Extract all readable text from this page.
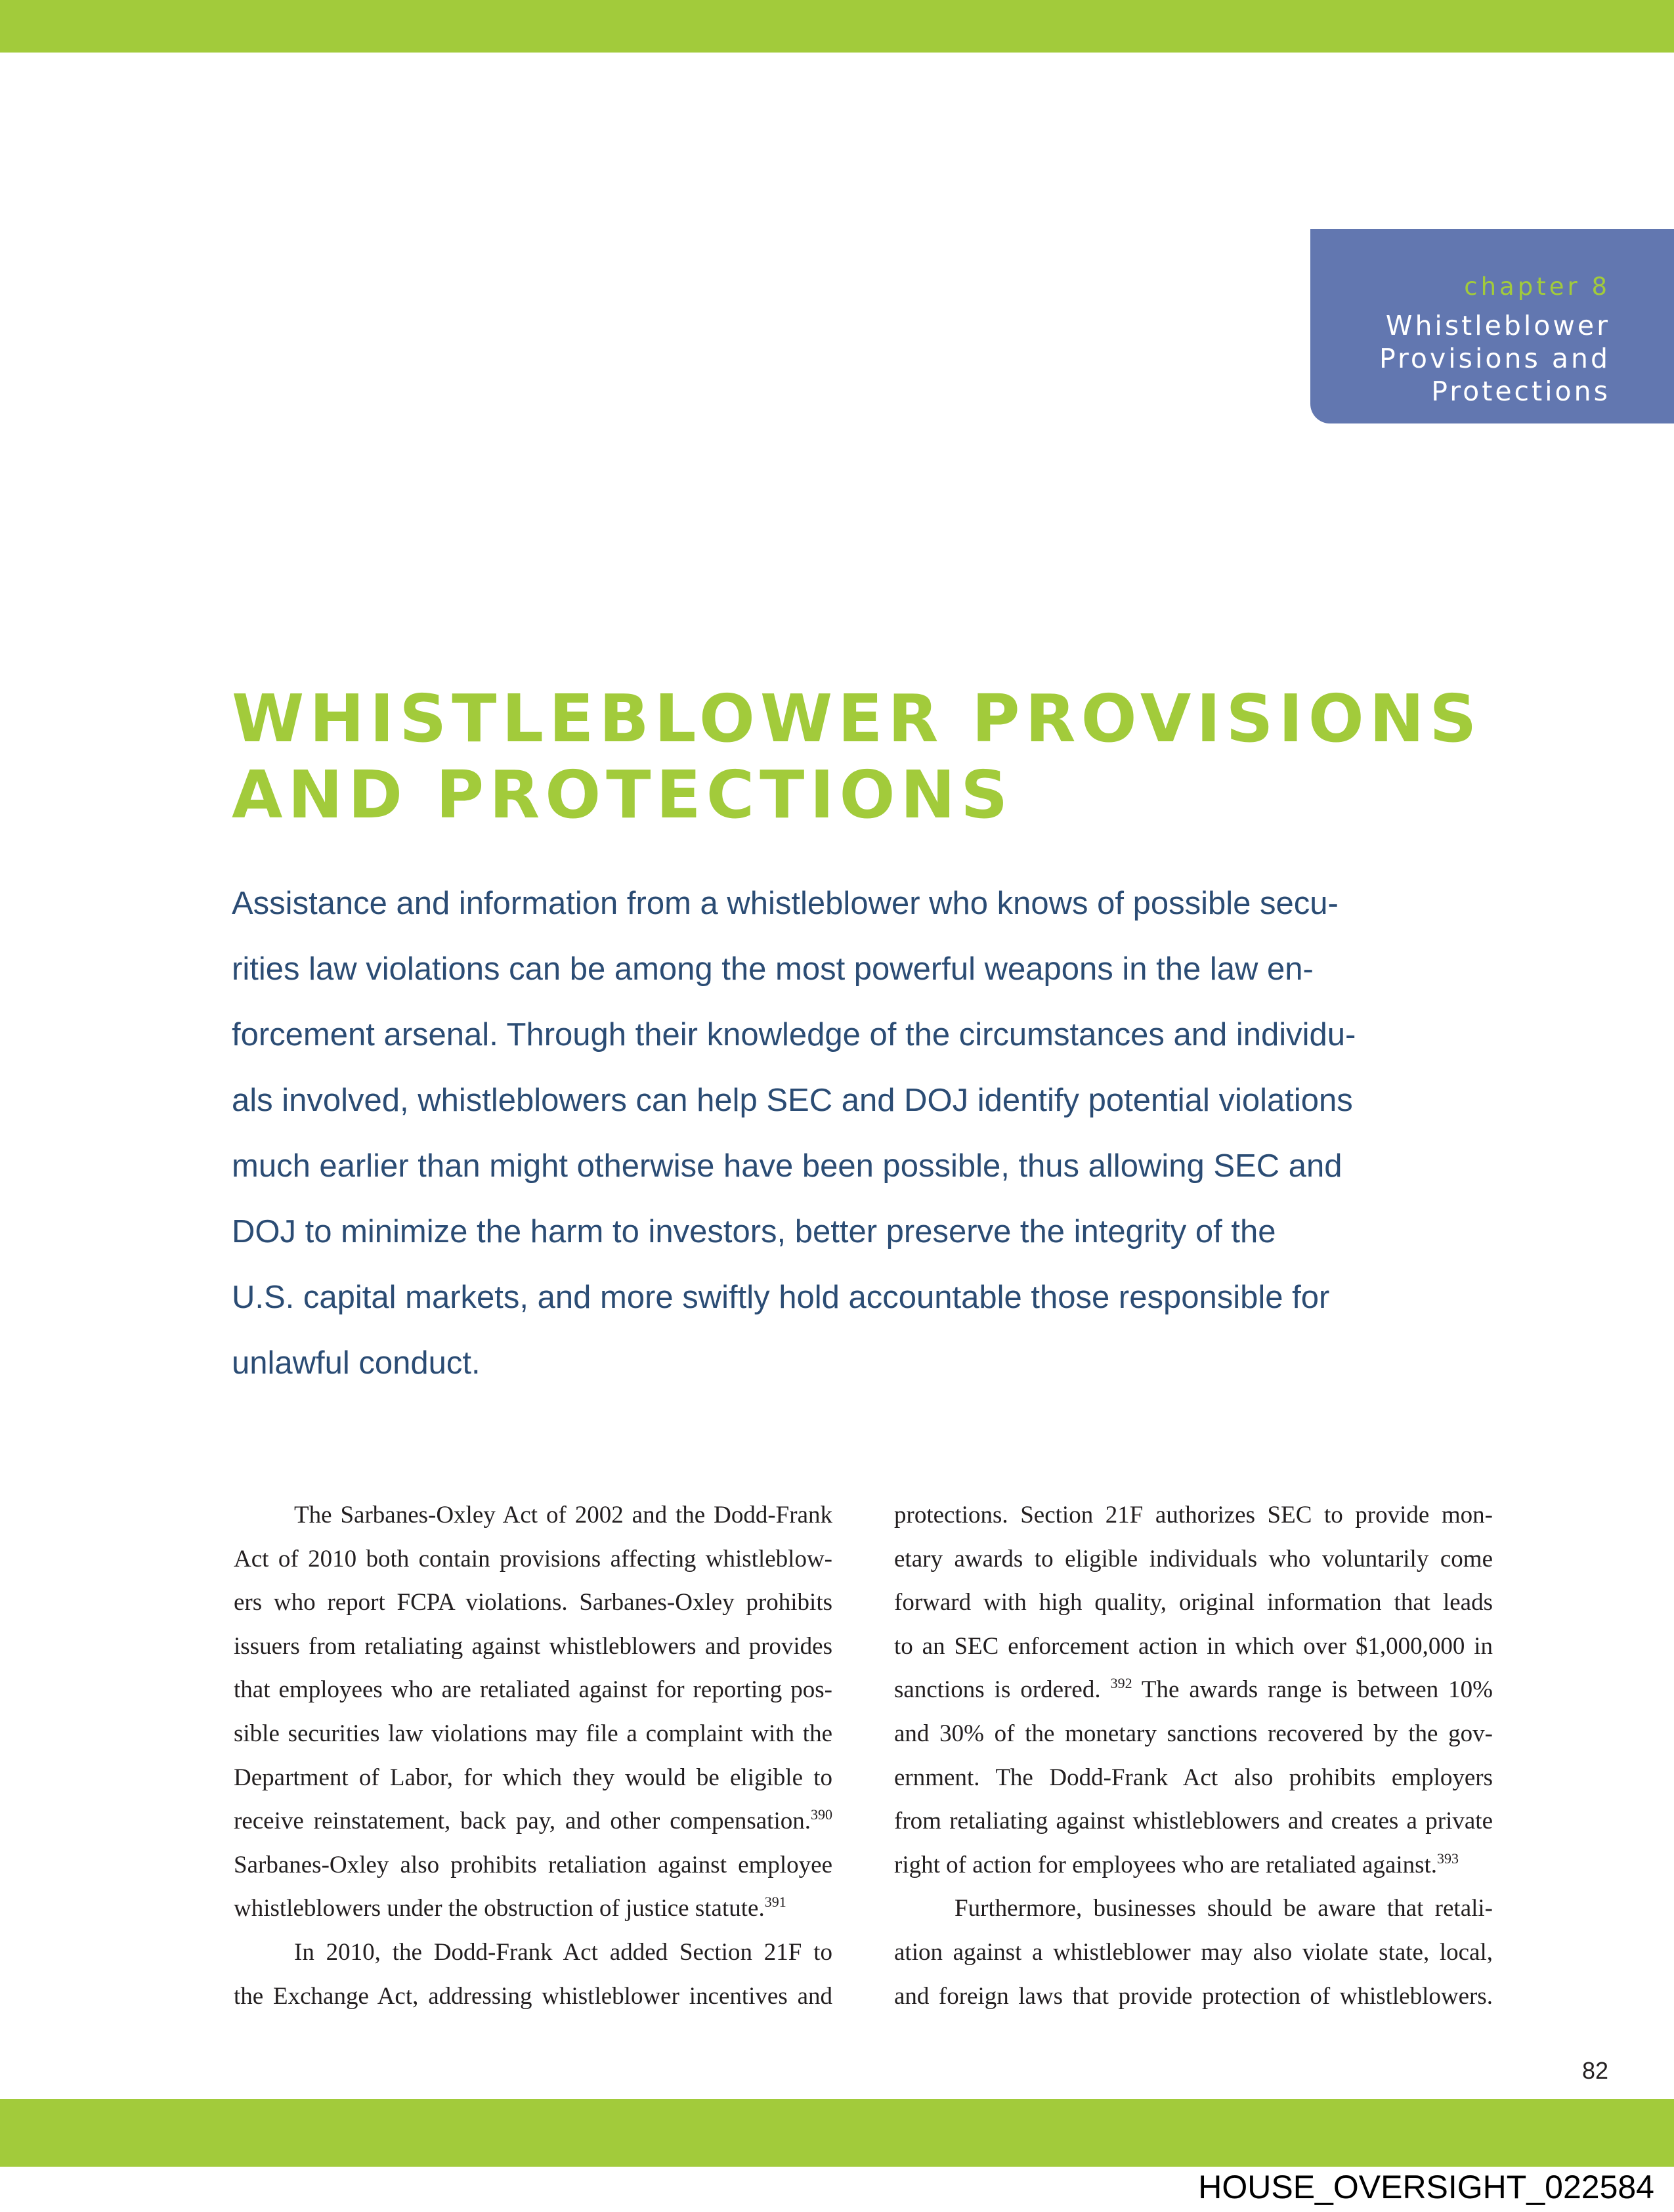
chapter 8
Whistleblower
Provisions and
Protections
WHISTLEBLOWER PROVISIONS
AND PROTECTIONS
Assistance and information from a whistleblower who knows of possible secu-
rities law violations can be among the most powerful weapons in the law en-
forcement arsenal. Through their knowledge of the circumstances and individu-
als involved, whistleblowers can help SEC and DOJ identify potential violations
much earlier than might otherwise have been possible, thus allowing SEC and
DOJ to minimize the harm to investors, better preserve the integrity of the
U.S. capital markets, and more swiftly hold accountable those responsible for
unlawful conduct.
The Sarbanes-Oxley Act of 2002 and the Dodd-Frank
Act of 2010 both contain provisions affecting whistleblow-
ers who report FCPA violations. Sarbanes-Oxley prohibits
issuers from retaliating against whistleblowers and provides
that employees who are retaliated against for reporting pos-
sible securities law violations may file a complaint with the
Department of Labor, for which they would be eligible to
receive reinstatement, back pay, and other compensation.$^{390}$
Sarbanes-Oxley also prohibits retaliation against employee
whistleblowers under the obstruction of justice statute.$^{391}$
In 2010, the Dodd-Frank Act added Section 21F to
the Exchange Act, addressing whistleblower incentives and
protections. Section 21F authorizes SEC to provide mon-
etary awards to eligible individuals who voluntarily come
forward with high quality, original information that leads
to an SEC enforcement action in which over $1,000,000 in
sanctions is ordered. $^{392}$ The awards range is between 10%
and 30% of the monetary sanctions recovered by the gov-
ernment. The Dodd-Frank Act also prohibits employers
from retaliating against whistleblowers and creates a private
right of action for employees who are retaliated against.$^{393}$
Furthermore, businesses should be aware that retali-
ation against a whistleblower may also violate state, local,
and foreign laws that provide protection of whistleblowers.
82
HOUSE_OVERSIGHT_022584
